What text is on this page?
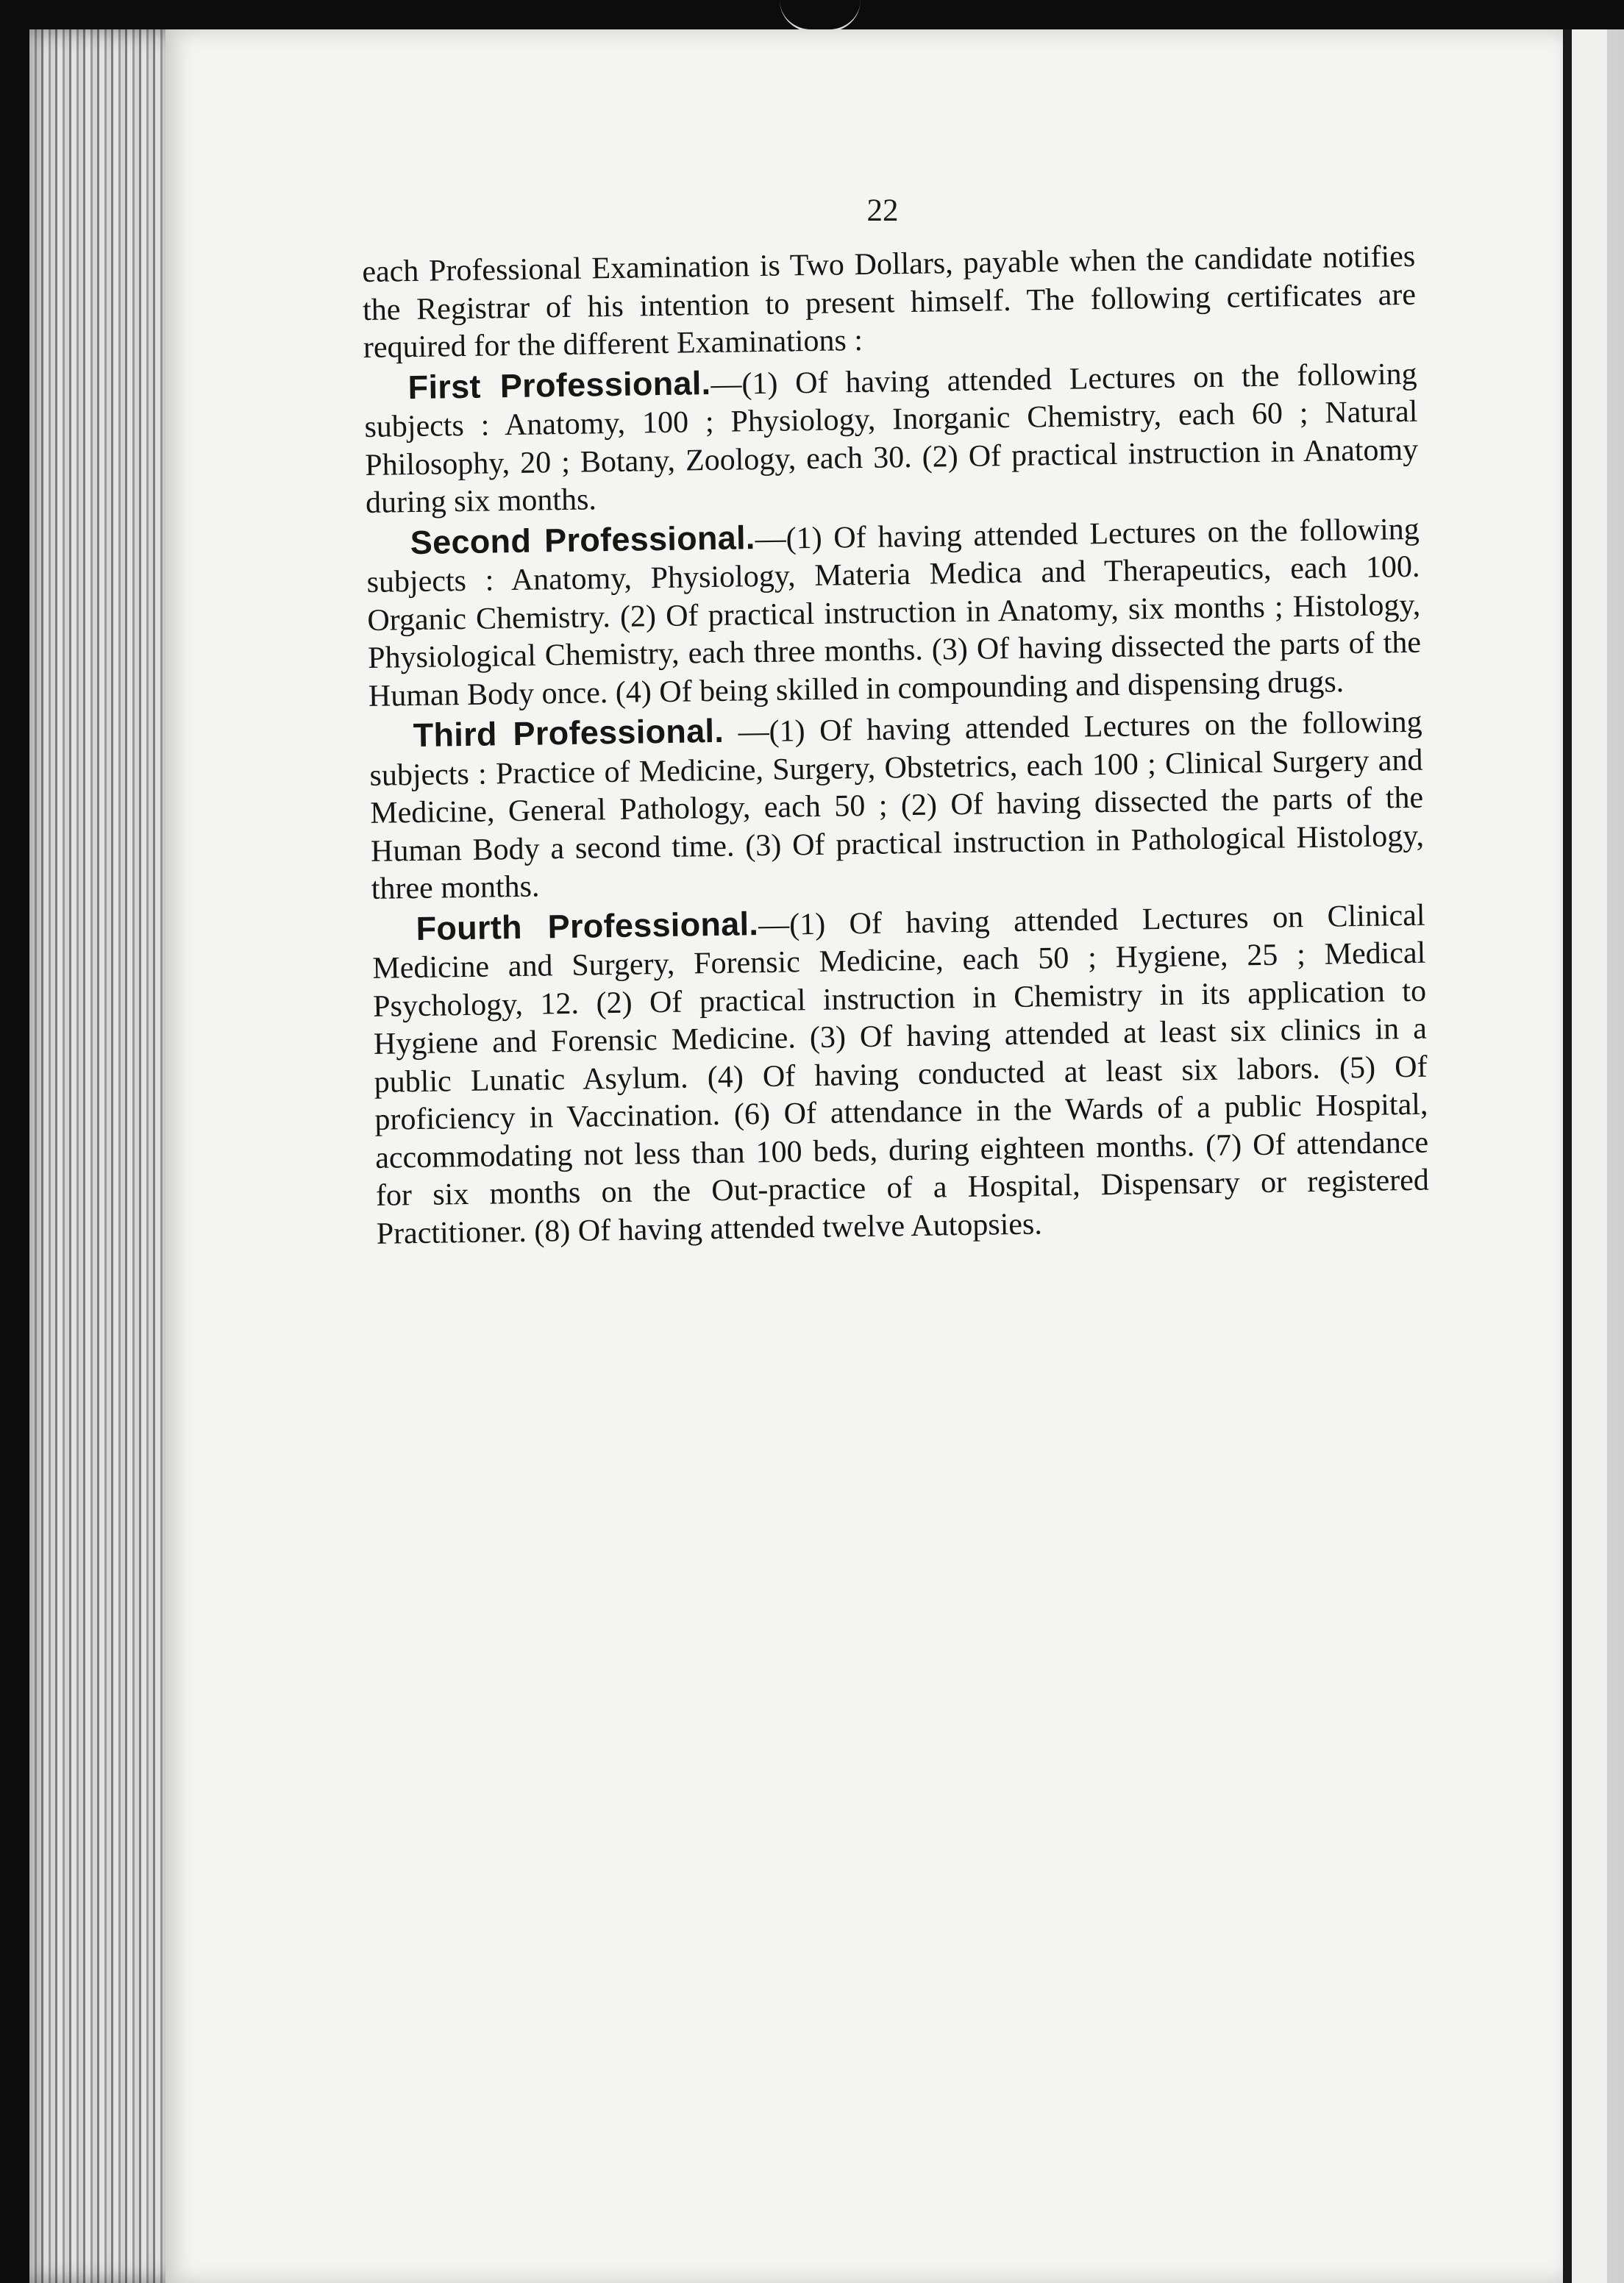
22

each Professional Examination is Two Dollars, payable when the candidate notifies the Registrar of his intention to present himself. The following certificates are required for the different Examinations :

First Professional.—(1) Of having attended Lectures on the following subjects : Anatomy, 100 ; Physiology, Inorganic Chemistry, each 60 ; Natural Philosophy, 20 ; Botany, Zoology, each 30. (2) Of practical instruction in Anatomy during six months.

Second Professional.—(1) Of having attended Lectures on the following subjects : Anatomy, Physiology, Materia Medica and Therapeutics, each 100. Organic Chemistry. (2) Of practical instruction in Anatomy, six months ; Histology, Physiological Chemistry, each three months. (3) Of having dissected the parts of the Human Body once. (4) Of being skilled in compounding and dispensing drugs.

Third Professional. —(1) Of having attended Lectures on the following subjects : Practice of Medicine, Surgery, Obstetrics, each 100 ; Clinical Surgery and Medicine, General Pathology, each 50 ; (2) Of having dissected the parts of the Human Body a second time. (3) Of practical instruction in Pathological Histology, three months.

Fourth Professional.—(1) Of having attended Lectures on Clinical Medicine and Surgery, Forensic Medicine, each 50 ; Hygiene, 25 ; Medical Psychology, 12. (2) Of practical instruction in Chemistry in its application to Hygiene and Forensic Medicine. (3) Of having attended at least six clinics in a public Lunatic Asylum. (4) Of having conducted at least six labors. (5) Of proficiency in Vaccination. (6) Of attendance in the Wards of a public Hospital, accommodating not less than 100 beds, during eighteen months. (7) Of attendance for six months on the Out-practice of a Hospital, Dispensary or registered Practitioner. (8) Of having attended twelve Autopsies.
